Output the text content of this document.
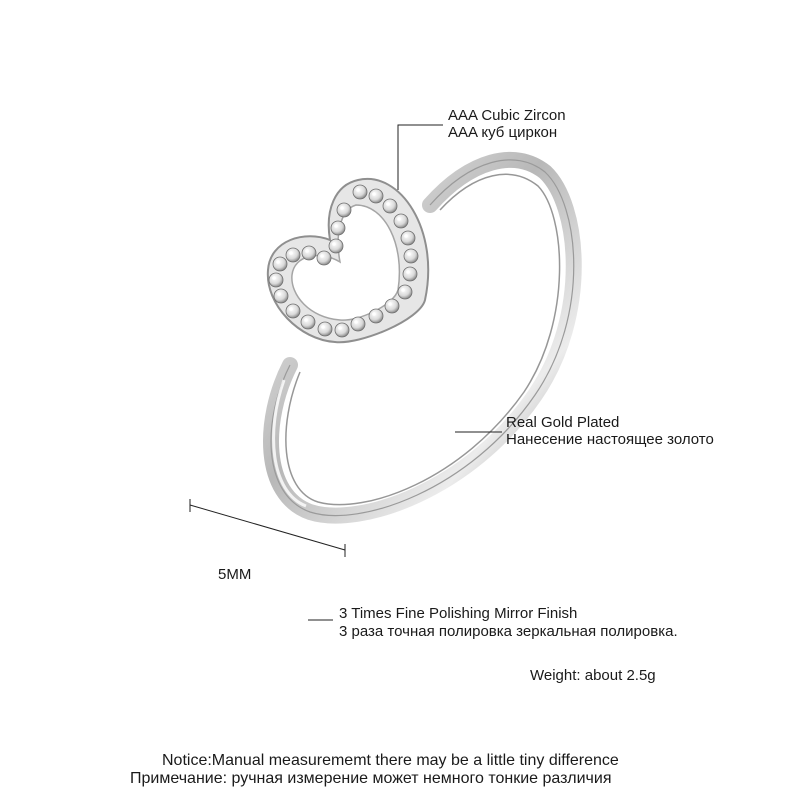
AAA Cubic Zircon
AAA куб циркон
Real Gold Plated
Нанесение настоящее золото
5MM
3 Times Fine Polishing Mirror Finish
3 раза точная полировка зеркальная полировка.
Weight: about 2.5g
Notice:Manual measurememt there may be a little tiny difference
Примечание: ручная измерение может немного тонкие различия
